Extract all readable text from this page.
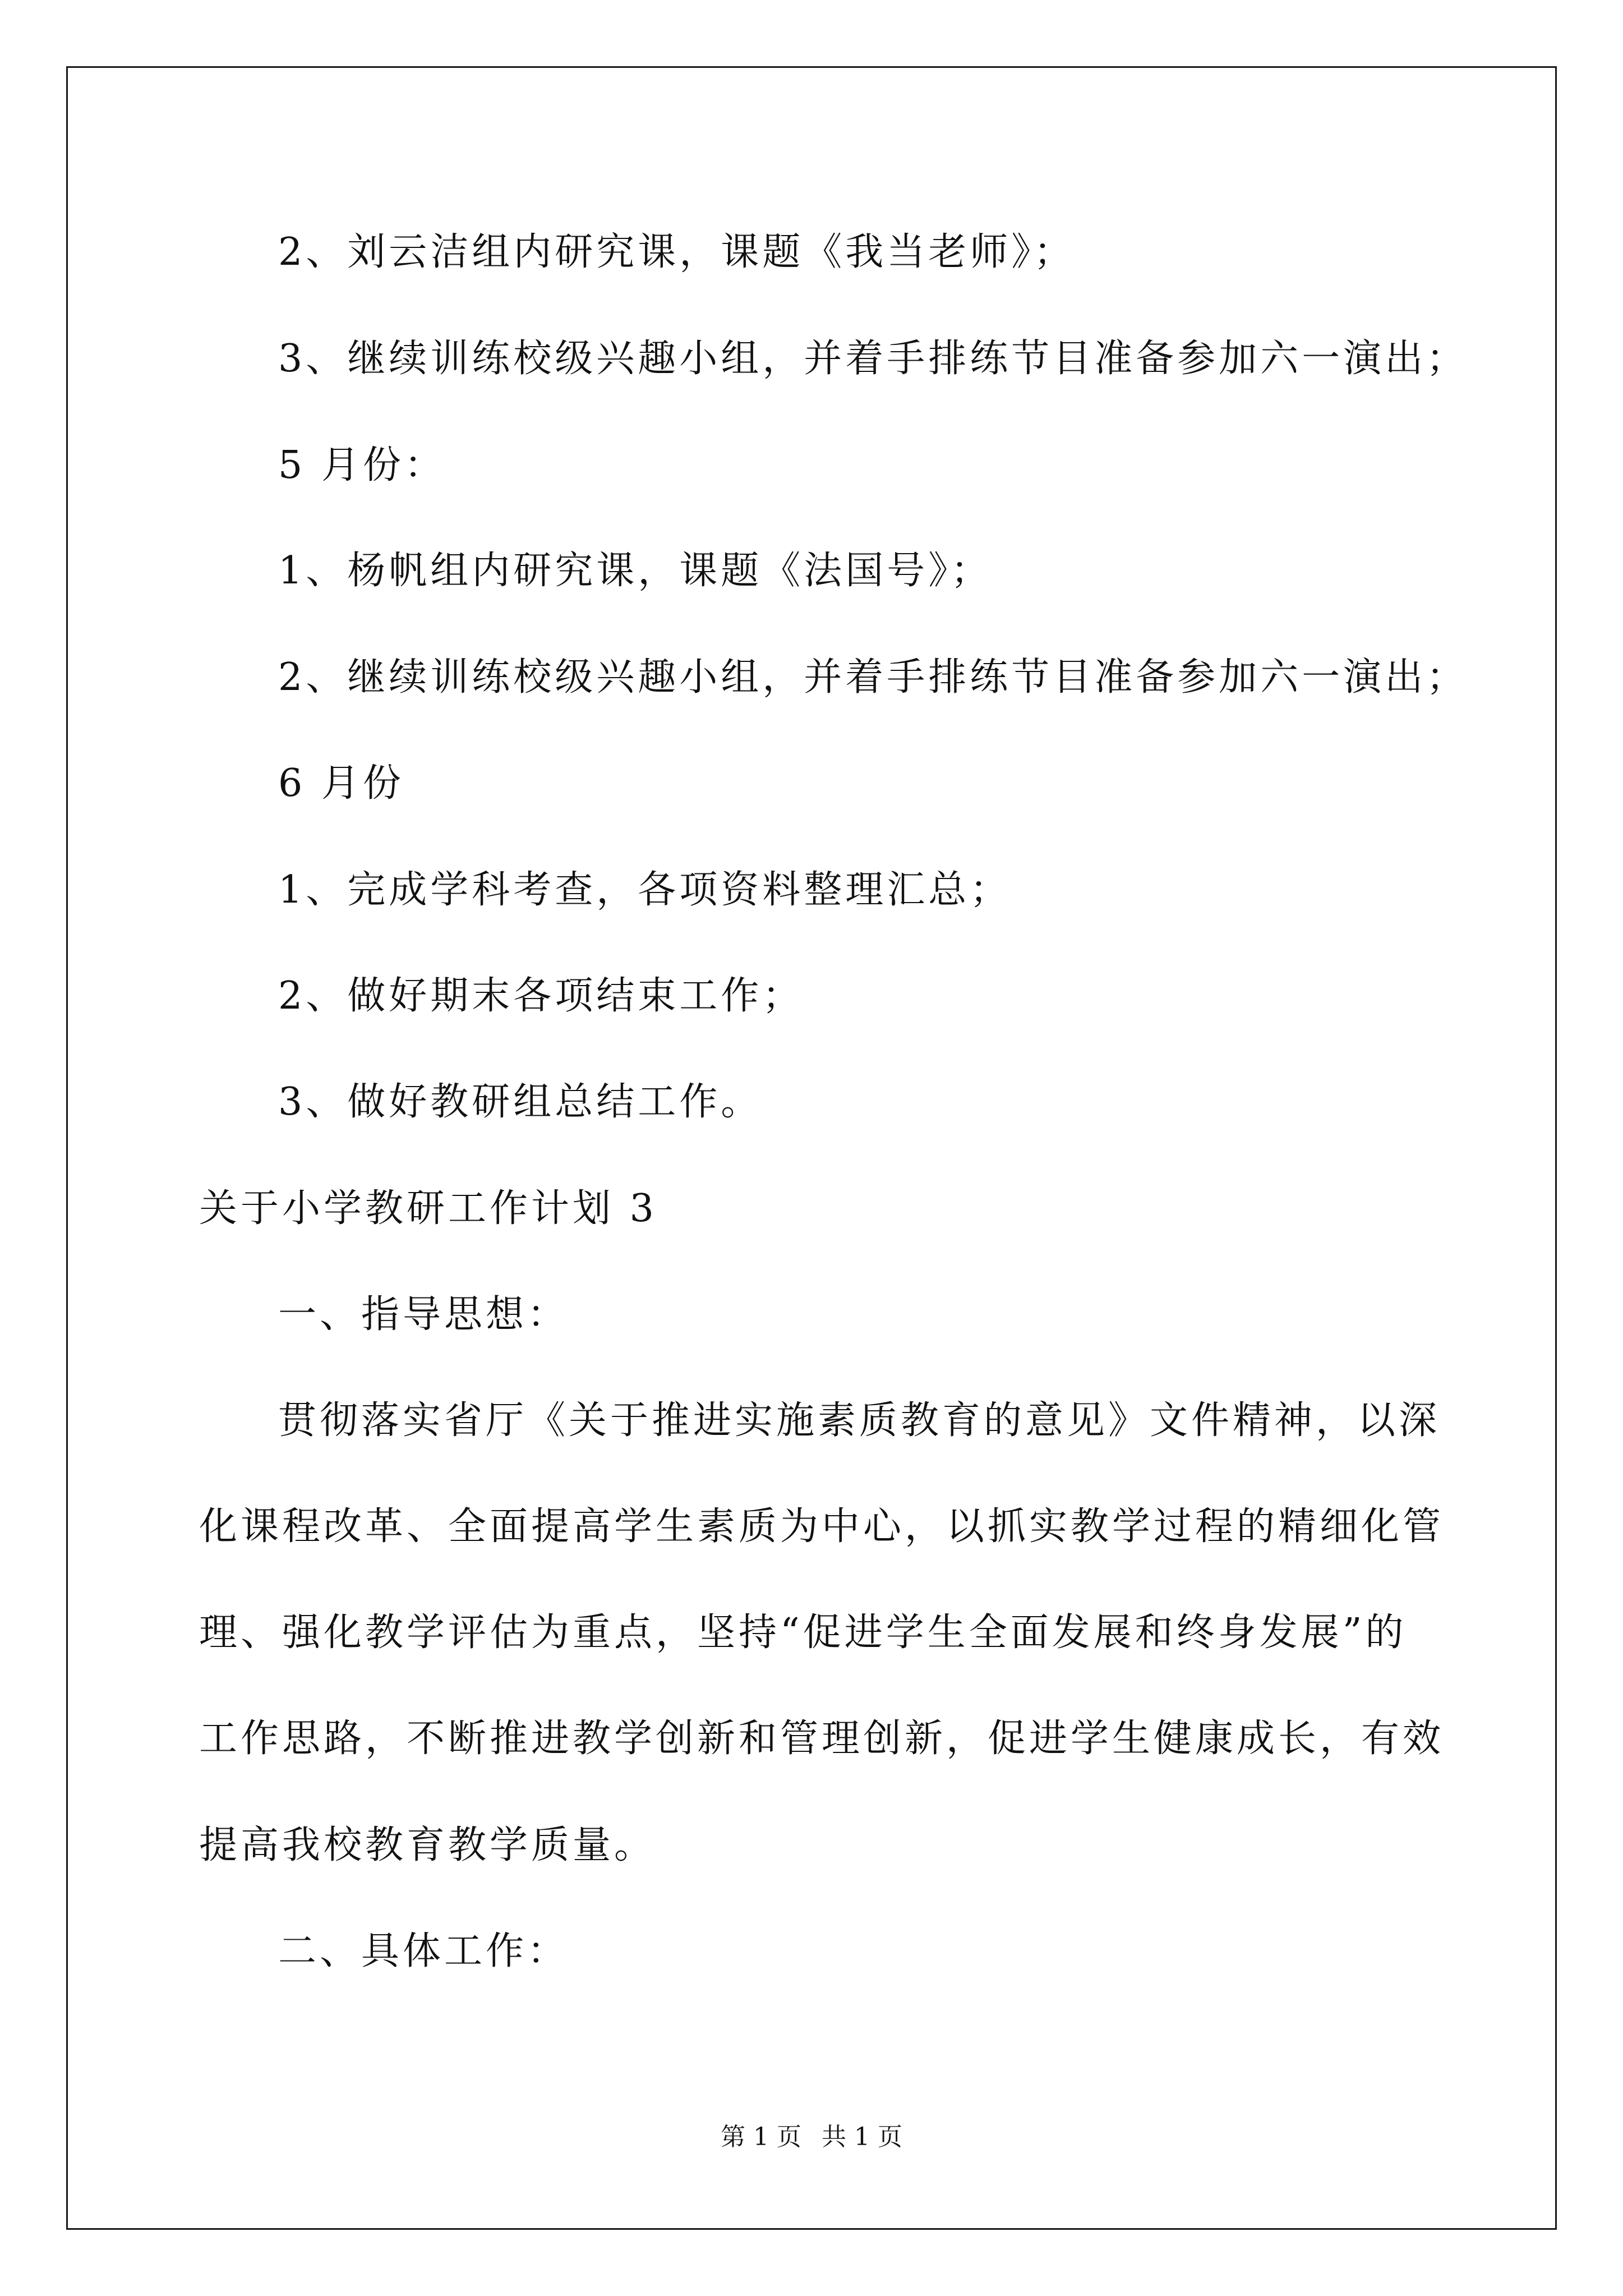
2、刘云洁组内研究课，课题《我当老师》；
3、继续训练校级兴趣小组，并着手排练节目准备参加六一演出；
5 月份：
1、杨帆组内研究课，课题《法国号》；
2、继续训练校级兴趣小组，并着手排练节目准备参加六一演出；
6 月份
1、完成学科考查，各项资料整理汇总；
2、做好期末各项结束工作；
3、做好教研组总结工作。
关于小学教研工作计划 3
一、指导思想：
贯彻落实省厅《关于推进实施素质教育的意见》文件精神，以深
化课程改革、全面提高学生素质为中心，以抓实教学过程的精细化管
理、强化教学评估为重点，坚持“促进学生全面发展和终身发展”的
工作思路，不断推进教学创新和管理创新，促进学生健康成长，有效
提高我校教育教学质量。
二、具体工作：
第 1 页 共 1 页
